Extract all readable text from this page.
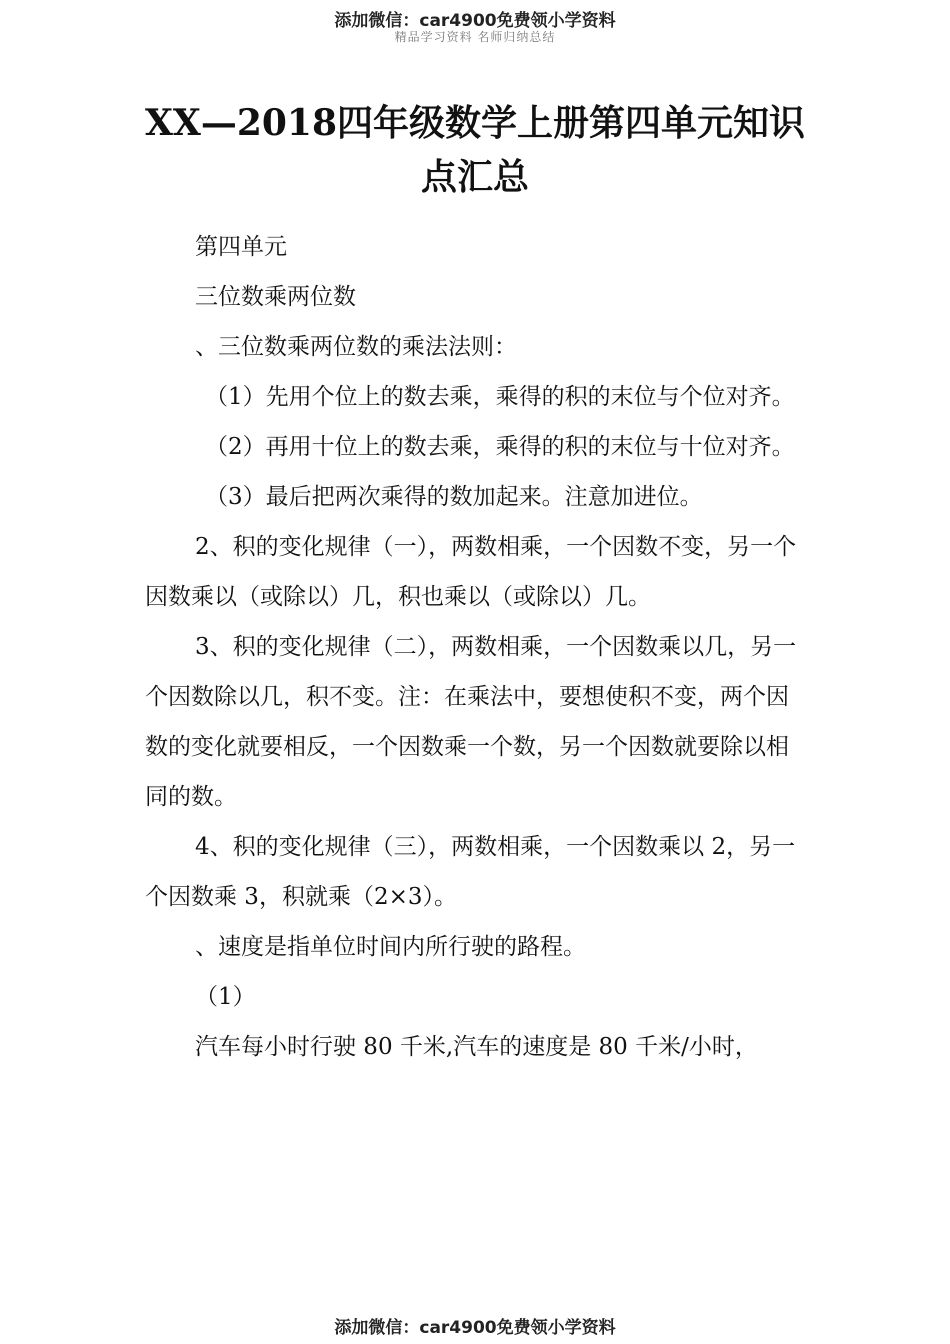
添加微信：car4900免费领小学资料
精品学习资料 名师归纳总结
XX—2018四年级数学上册第四单元知识点汇总

第四单元

三位数乘两位数

、三位数乘两位数的乘法法则：

（1）先用个位上的数去乘，乘得的积的末位与个位对齐。

（2）再用十位上的数去乘，乘得的积的末位与十位对齐。

（3）最后把两次乘得的数加起来。注意加进位。

2、积的变化规律（一），两数相乘，一个因数不变，另一个因数乘以（或除以）几，积也乘以（或除以）几。

3、积的变化规律（二），两数相乘，一个因数乘以几，另一个因数除以几，积不变。注：在乘法中，要想使积不变，两个因数的变化就要相反，一个因数乘一个数，另一个因数就要除以相同的数。

4、积的变化规律（三），两数相乘，一个因数乘以 2，另一个因数乘 3，积就乘（2×3）。

、速度是指单位时间内所行驶的路程。

（1）

汽车每小时行驶 80 千米,汽车的速度是 80 千米/小时，

添加微信：car4900免费领小学资料
